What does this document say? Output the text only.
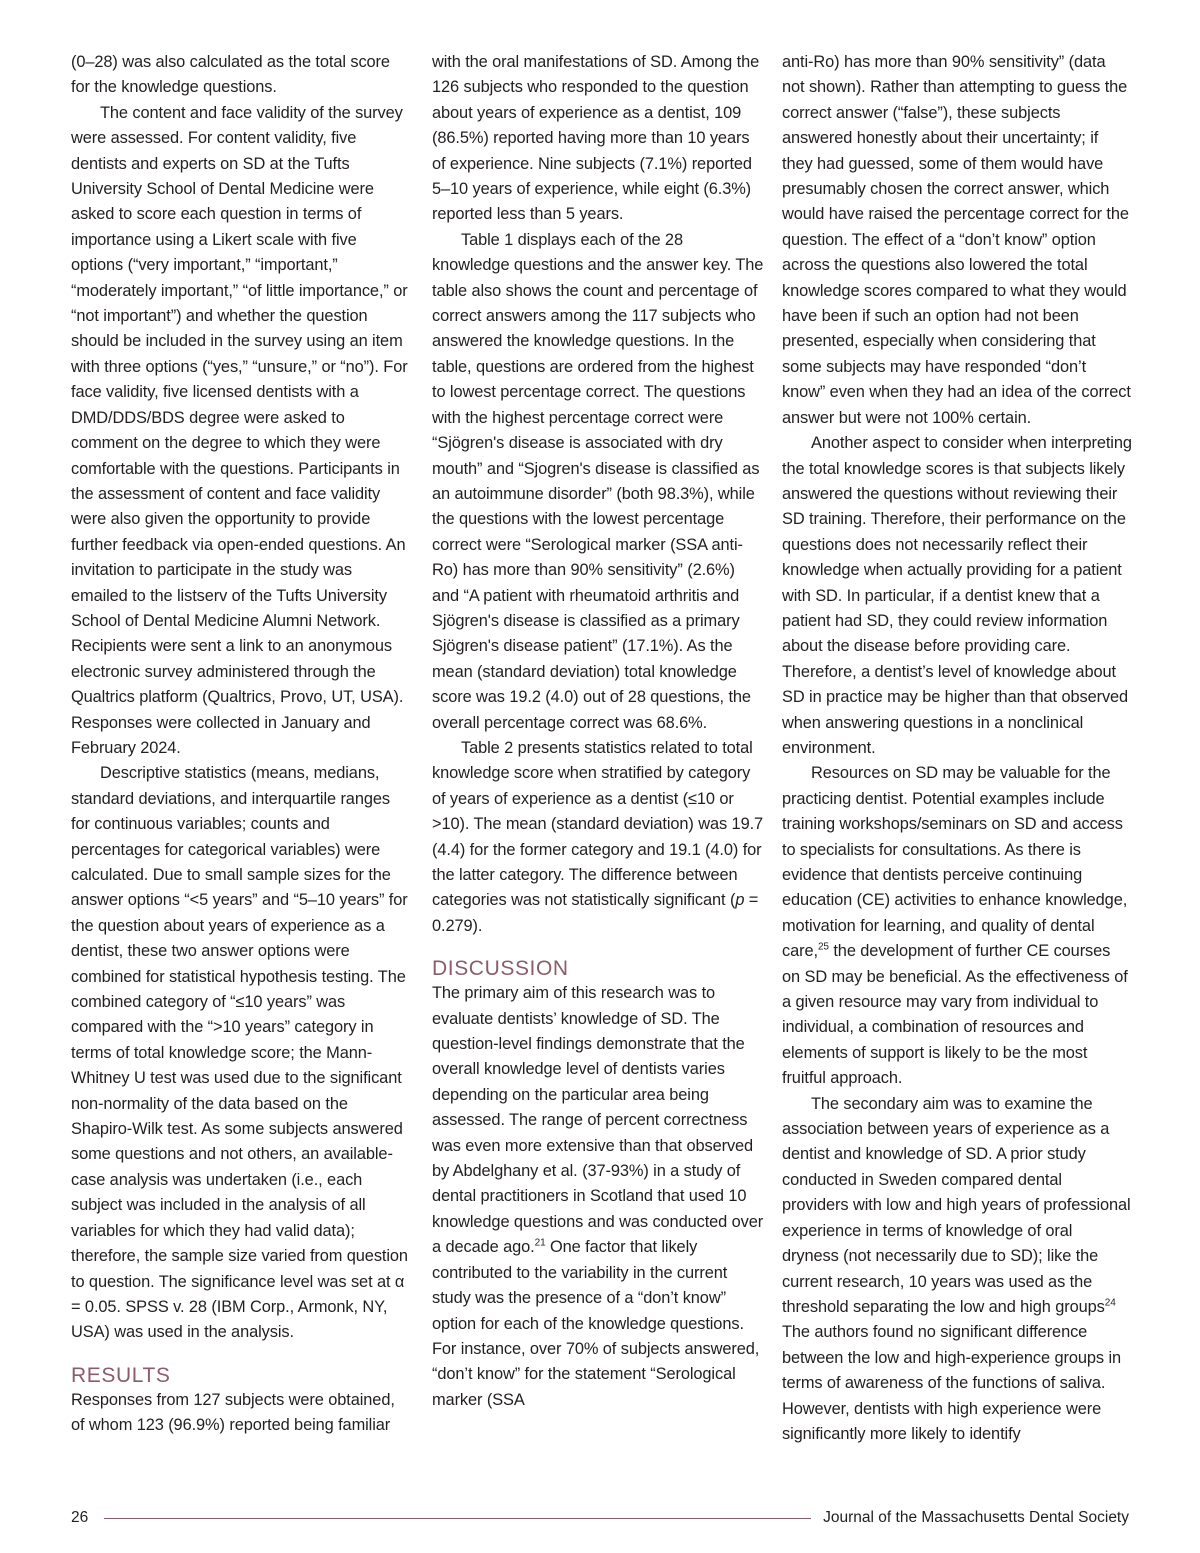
(0–28) was also calculated as the total score for the knowledge questions.

The content and face validity of the survey were assessed. For content validity, five dentists and experts on SD at the Tufts University School of Dental Medicine were asked to score each question in terms of importance using a Likert scale with five options (“very important,” “important,” “moderately important,” “of little importance,” or “not important”) and whether the question should be included in the survey using an item with three options (“yes,” “unsure,” or “no”). For face validity, five licensed dentists with a DMD/DDS/BDS degree were asked to comment on the degree to which they were comfortable with the questions. Participants in the assessment of content and face validity were also given the opportunity to provide further feedback via open-ended questions. An invitation to participate in the study was emailed to the listserv of the Tufts University School of Dental Medicine Alumni Network. Recipients were sent a link to an anonymous electronic survey administered through the Qualtrics platform (Qualtrics, Provo, UT, USA). Responses were collected in January and February 2024.

Descriptive statistics (means, medians, standard deviations, and interquartile ranges for continuous variables; counts and percentages for categorical variables) were calculated. Due to small sample sizes for the answer options “<5 years” and “5–10 years” for the question about years of experience as a dentist, these two answer options were combined for statistical hypothesis testing. The combined category of “≤10 years” was compared with the “>10 years” category in terms of total knowledge score; the Mann-Whitney U test was used due to the significant non-normality of the data based on the Shapiro-Wilk test. As some subjects answered some questions and not others, an available-case analysis was undertaken (i.e., each subject was included in the analysis of all variables for which they had valid data); therefore, the sample size varied from question to question. The significance level was set at α = 0.05. SPSS v. 28 (IBM Corp., Armonk, NY, USA) was used in the analysis.

RESULTS

Responses from 127 subjects were obtained, of whom 123 (96.9%) reported being familiar

with the oral manifestations of SD. Among the 126 subjects who responded to the question about years of experience as a dentist, 109 (86.5%) reported having more than 10 years of experience. Nine subjects (7.1%) reported 5–10 years of experience, while eight (6.3%) reported less than 5 years.

Table 1 displays each of the 28 knowledge questions and the answer key. The table also shows the count and percentage of correct answers among the 117 subjects who answered the knowledge questions. In the table, questions are ordered from the highest to lowest percentage correct. The questions with the highest percentage correct were “Sjögren's disease is associated with dry mouth” and “Sjogren's disease is classified as an autoimmune disorder” (both 98.3%), while the questions with the lowest percentage correct were “Serological marker (SSA anti-Ro) has more than 90% sensitivity” (2.6%) and “A patient with rheumatoid arthritis and Sjögren's disease is classified as a primary Sjögren's disease patient” (17.1%). As the mean (standard deviation) total knowledge score was 19.2 (4.0) out of 28 questions, the overall percentage correct was 68.6%.

Table 2 presents statistics related to total knowledge score when stratified by category of years of experience as a dentist (≤10 or >10). The mean (standard deviation) was 19.7 (4.4) for the former category and 19.1 (4.0) for the latter category. The difference between categories was not statistically significant (p = 0.279).

DISCUSSION

The primary aim of this research was to evaluate dentists’ knowledge of SD. The question-level findings demonstrate that the overall knowledge level of dentists varies depending on the particular area being assessed. The range of percent correctness was even more extensive than that observed by Abdelghany et al. (37-93%) in a study of dental practitioners in Scotland that used 10 knowledge questions and was conducted over a decade ago.$^{21}$ One factor that likely contributed to the variability in the current study was the presence of a “don’t know” option for each of the knowledge questions. For instance, over 70% of subjects answered, “don’t know” for the statement “Serological marker (SSA

anti-Ro) has more than 90% sensitivity” (data not shown). Rather than attempting to guess the correct answer (“false”), these subjects answered honestly about their uncertainty; if they had guessed, some of them would have presumably chosen the correct answer, which would have raised the percentage correct for the question. The effect of a “don’t know” option across the questions also lowered the total knowledge scores compared to what they would have been if such an option had not been presented, especially when considering that some subjects may have responded “don’t know” even when they had an idea of the correct answer but were not 100% certain.

Another aspect to consider when interpreting the total knowledge scores is that subjects likely answered the questions without reviewing their SD training. Therefore, their performance on the questions does not necessarily reflect their knowledge when actually providing for a patient with SD. In particular, if a dentist knew that a patient had SD, they could review information about the disease before providing care. Therefore, a dentist’s level of knowledge about SD in practice may be higher than that observed when answering questions in a nonclinical environment.

Resources on SD may be valuable for the practicing dentist. Potential examples include training workshops/seminars on SD and access to specialists for consultations. As there is evidence that dentists perceive continuing education (CE) activities to enhance knowledge, motivation for learning, and quality of dental care,$^{25}$ the development of further CE courses on SD may be beneficial. As the effectiveness of a given resource may vary from individual to individual, a combination of resources and elements of support is likely to be the most fruitful approach.

The secondary aim was to examine the association between years of experience as a dentist and knowledge of SD. A prior study conducted in Sweden compared dental providers with low and high years of professional experience in terms of knowledge of oral dryness (not necessarily due to SD); like the current research, 10 years was used as the threshold separating the low and high groups$^{24}$ The authors found no significant difference between the low and high-experience groups in terms of awareness of the functions of saliva. However, dentists with high experience were significantly more likely to identify

26	Journal of the Massachusetts Dental Society
